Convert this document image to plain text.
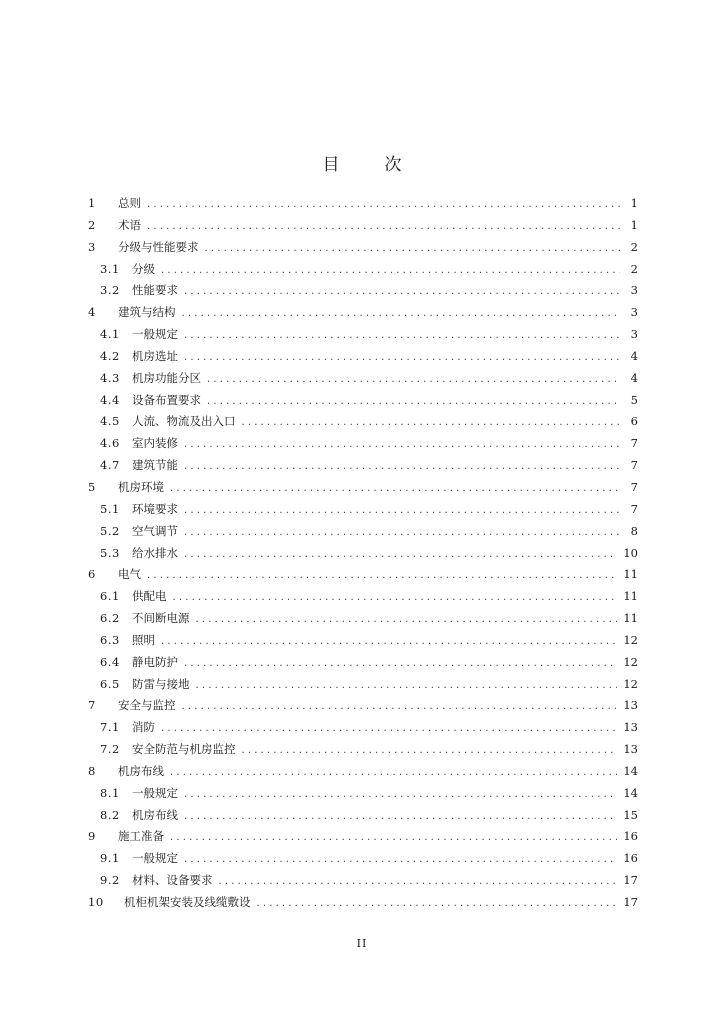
目　次
1	总则 . . .	1
2	术语 . . .	1
3	分级与性能要求 . . .	2
3.1	分级 . . .	2
3.2	性能要求 . . .	3
4	建筑与结构 . . .	3
4.1	一般规定 . . .	3
4.2	机房选址 . . .	4
4.3	机房功能分区 . . .	4
4.4	设备布置要求 . . .	5
4.5	人流、物流及出入口 . . .	6
4.6	室内装修 . . .	7
4.7	建筑节能 . . .	7
5	机房环境 . . .	7
5.1	环境要求 . . .	7
5.2	空气调节 . . .	8
5.3	给水排水 . . .	10
6	电气 . . .	11
6.1	供配电 . . .	11
6.2	不间断电源 . . .	11
6.3	照明 . . .	12
6.4	静电防护 . . .	12
6.5	防雷与接地 . . .	12
7	安全与监控 . . .	13
7.1	消防 . . .	13
7.2	安全防范与机房监控 . . .	13
8	机房布线 . . .	14
8.1	一般规定 . . .	14
8.2	机房布线 . . .	15
9	施工准备 . . .	16
9.1	一般规定 . . .	16
9.2	材料、设备要求 . . .	17
10	机柜机架安装及线缆敷设 . . .	17
II
